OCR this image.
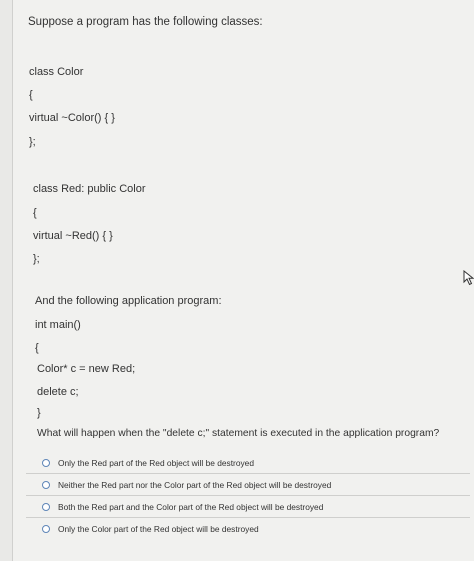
Suppose a program has the following classes:
class Color
{
virtual ~Color() { }
};
class Red: public Color
{
virtual ~Red() { }
};
And the following application program:
int main()
{
Color* c = new Red;
delete c;
}
What will happen when the "delete c;" statement is executed in the application program?
Only the Red part of the Red object will be destroyed
Neither the Red part nor the Color part of the Red object will be destroyed
Both the Red part and the Color part of the Red object will be destroyed
Only the Color part of the Red object will be destroyed
